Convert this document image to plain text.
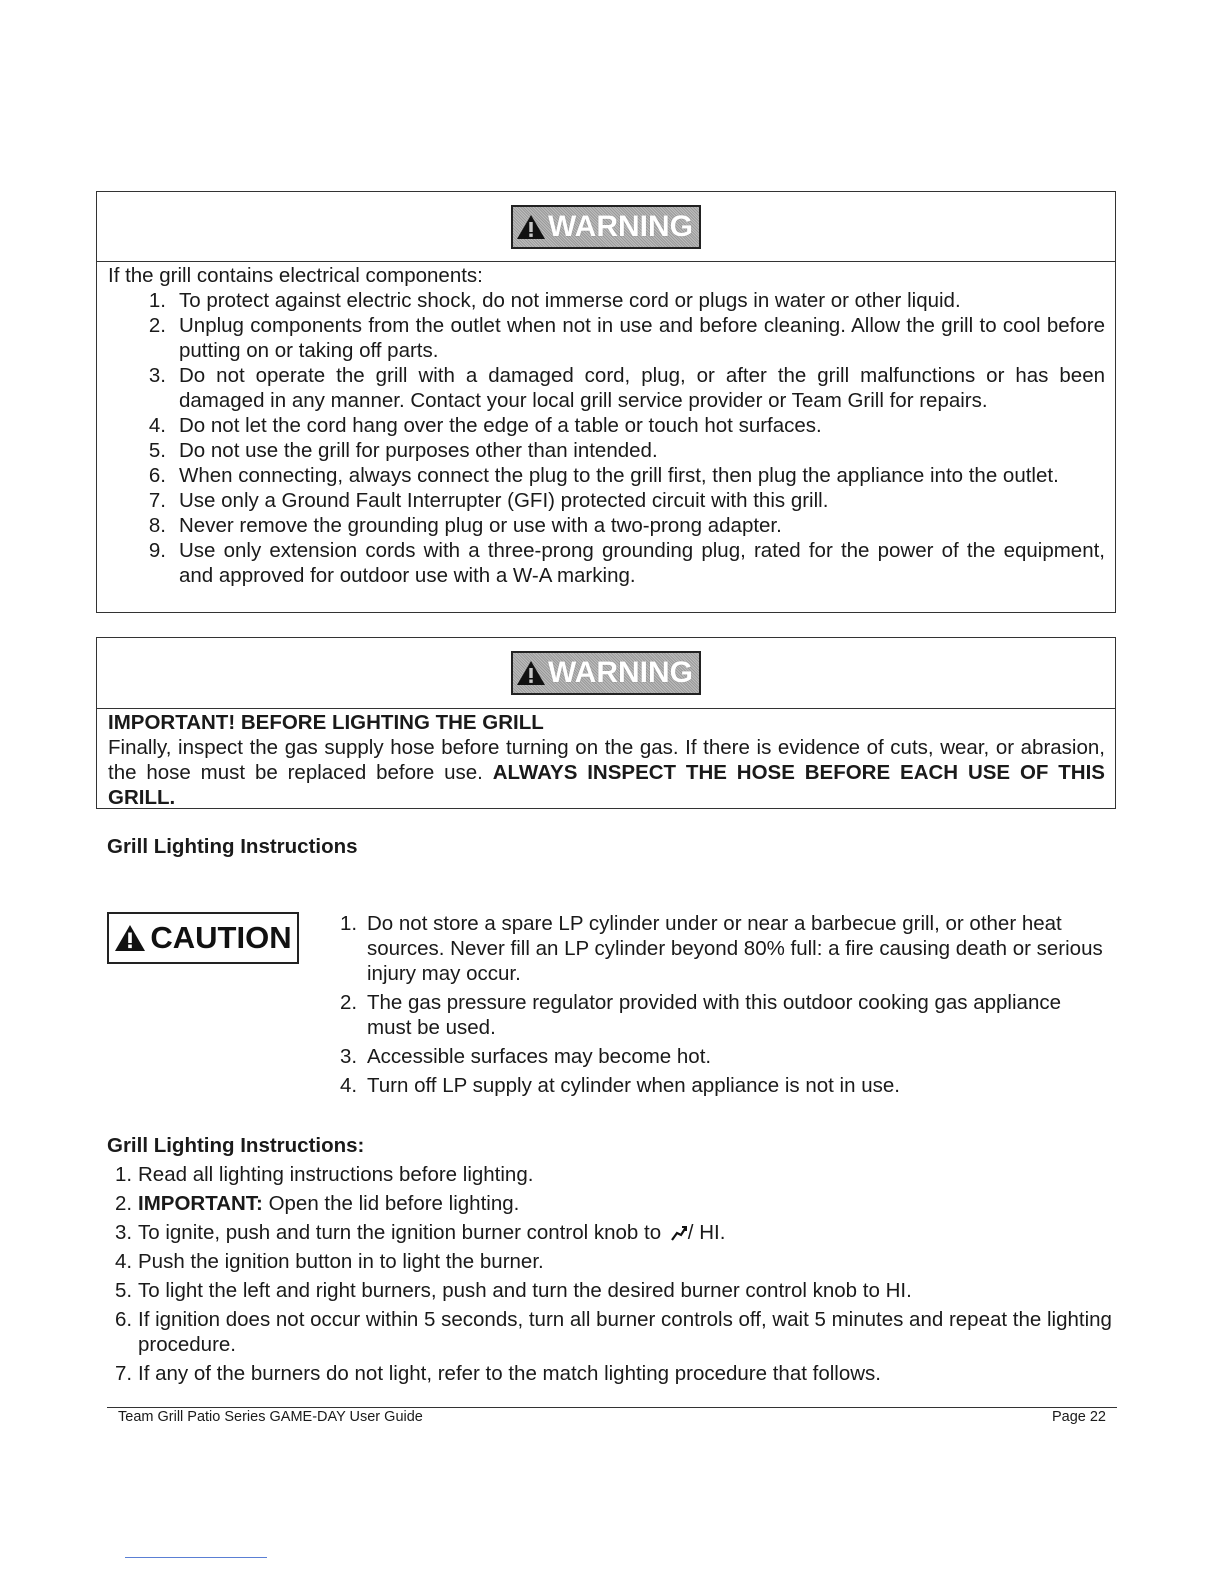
WARNING
If the grill contains electrical components:
1. To protect against electric shock, do not immerse cord or plugs in water or other liquid.
2. Unplug components from the outlet when not in use and before cleaning. Allow the grill to cool before putting on or taking off parts.
3. Do not operate the grill with a damaged cord, plug, or after the grill malfunctions or has been damaged in any manner. Contact your local grill service provider or Team Grill for repairs.
4. Do not let the cord hang over the edge of a table or touch hot surfaces.
5. Do not use the grill for purposes other than intended.
6. When connecting, always connect the plug to the grill first, then plug the appliance into the outlet.
7. Use only a Ground Fault Interrupter (GFI) protected circuit with this grill.
8. Never remove the grounding plug or use with a two-prong adapter.
9. Use only extension cords with a three-prong grounding plug, rated for the power of the equipment, and approved for outdoor use with a W-A marking.
WARNING
IMPORTANT! BEFORE LIGHTING THE GRILL
Finally, inspect the gas supply hose before turning on the gas. If there is evidence of cuts, wear, or abrasion, the hose must be replaced before use. ALWAYS INSPECT THE HOSE BEFORE EACH USE OF THIS GRILL.
Grill Lighting Instructions
CAUTION 1. Do not store a spare LP cylinder under or near a barbecue grill, or other heat sources. Never fill an LP cylinder beyond 80% full: a fire causing death or serious injury may occur.
2. The gas pressure regulator provided with this outdoor cooking gas appliance must be used.
3. Accessible surfaces may become hot.
4. Turn off LP supply at cylinder when appliance is not in use.
Grill Lighting Instructions:
1. Read all lighting instructions before lighting.
2. IMPORTANT: Open the lid before lighting.
3. To ignite, push and turn the ignition burner control knob to / HI.
4. Push the ignition button in to light the burner.
5. To light the left and right burners, push and turn the desired burner control knob to HI.
6. If ignition does not occur within 5 seconds, turn all burner controls off, wait 5 minutes and repeat the lighting procedure.
7. If any of the burners do not light, refer to the match lighting procedure that follows.
Team Grill Patio Series GAME-DAY User Guide	Page 22
